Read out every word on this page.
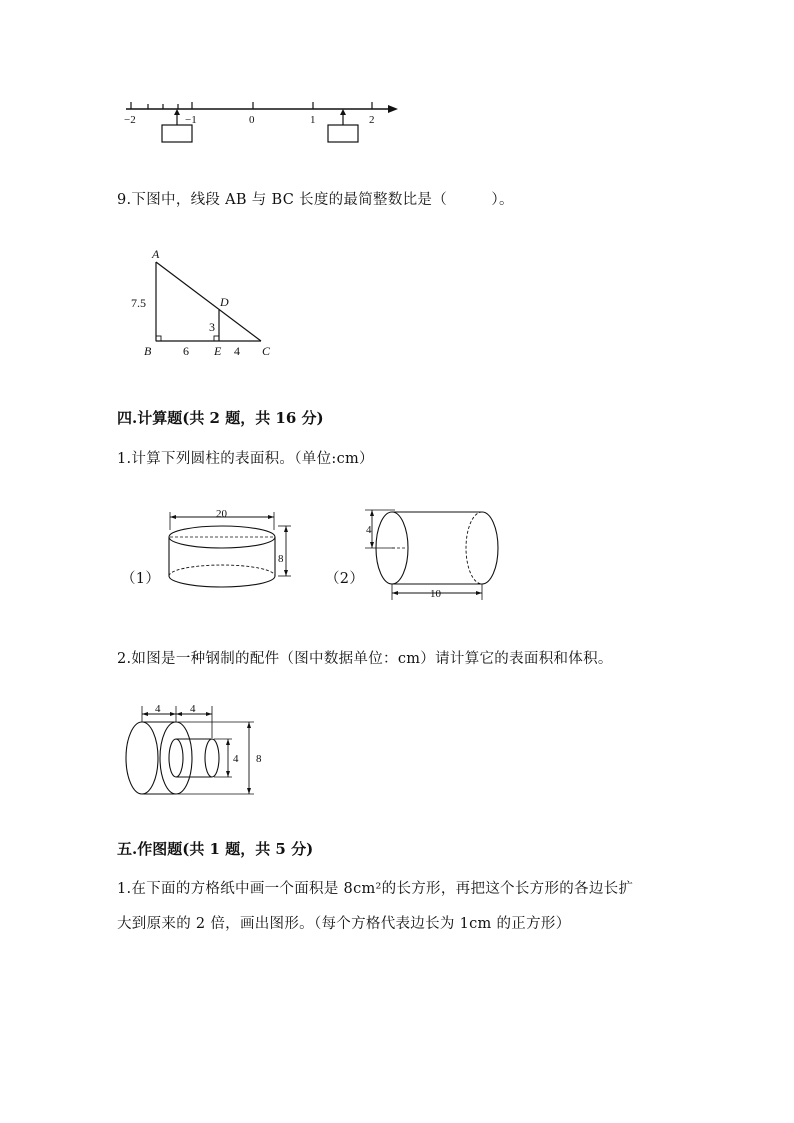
−2	−1	0	1	2
9.下图中，线段 AB 与 BC 长度的最简整数比是（　　　）。
A
B	C
D
E
7.5
3
6	4
四.计算题(共 2 题，共 16 分)
1.计算下列圆柱的表面积。（单位:cm）
（1）
20
8
（2）
4
10
2.如图是一种钢制的配件（图中数据单位：cm）请计算它的表面积和体积。
4	4
4 8
五.作图题(共 1 题，共 5 分)
1.在下面的方格纸中画一个面积是 8cm²的长方形，再把这个长方形的各边长扩
大到原来的 2 倍，画出图形。（每个方格代表边长为 1cm 的正方形）
